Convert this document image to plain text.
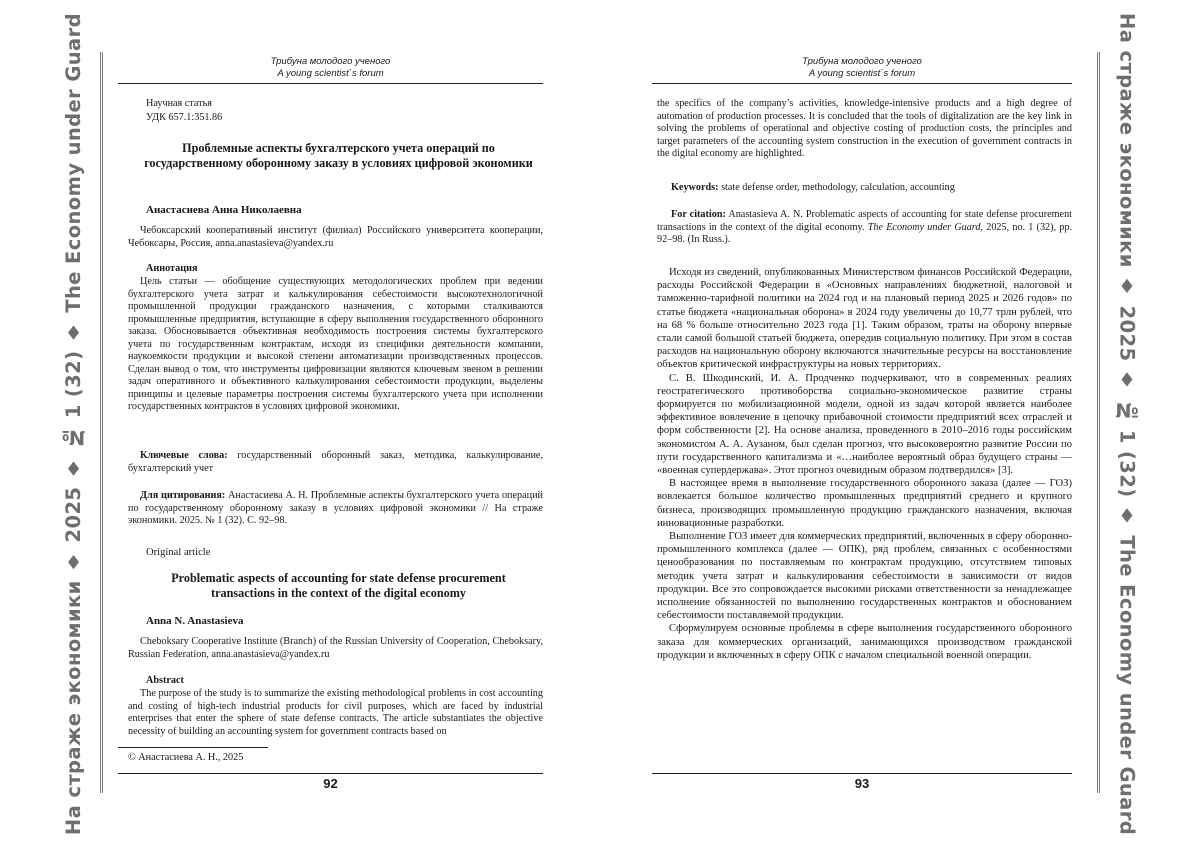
На страже экономики ♦ 2025 ♦ № 1 (32) ♦ The Economy under Guard	На страже экономики ♦ 2025 ♦ № 1 (32) ♦ The Economy under Guard
Трибуна молодого ученого
A young scientist`s forum
Научная статья
УДК 657.1:351.86
Проблемные аспекты бухгалтерского учета операций по государственному оборонному заказу в условиях цифровой экономики
Анастасиева Анна Николаевна
Чебоксарский кооперативный институт (филиал) Российского университета кооперации, Чебоксары, Россия, anna.anastasieva@yandex.ru
Аннотация
Цель статьи — обобщение существующих методологических проблем при ведении бухгалтерского учета затрат и калькулирования себестоимости высокотехнологичной промышленной продукции гражданского назначения, с которыми сталкиваются промышленные предприятия, вступающие в сферу выполнения государственного оборонного заказа. Обосновывается объективная необходимость построения системы бухгалтерского учета по государственным контрактам, исходя из специфики деятельности компании, наукоемкости продукции и высокой степени автоматизации производственных процессов. Сделан вывод о том, что инструменты цифровизации являются ключевым звеном в решении задач оперативного и объективного калькулирования себестоимости продукции, выделены принципы и целевые параметры построения системы бухгалтерского учета при исполнении государственных контрактов в условиях цифровой экономики.
Ключевые слова: государственный оборонный заказ, методика, калькулирование, бухгалтерский учет
Для цитирования: Анастасиева А. Н. Проблемные аспекты бухгалтерского учета операций по государственному оборонному заказу в условиях цифровой экономики // На страже экономики. 2025. № 1 (32). С. 92–98.
Original article
Problematic aspects of accounting for state defense procurement transactions in the context of the digital economy
Anna N. Anastasieva
Cheboksary Cooperative Institute (Branch) of the Russian University of Cooperation, Cheboksary, Russian Federation, anna.anastasieva@yandex.ru
Abstract
The purpose of the study is to summarize the existing methodological problems in cost accounting and costing of high-tech industrial products for civil purposes, which are faced by industrial enterprises that enter the sphere of state defense contracts. The article substantiates the objective necessity of building an accounting system for government contracts based on
© Анастасиева А. Н., 2025
92
Трибуна молодого ученого
A young scientist`s forum
the specifics of the company’s activities, knowledge-intensive products and a high degree of automation of production processes. It is concluded that the tools of digitalization are the key link in solving the problems of operational and objective costing of production costs, the principles and target parameters of the accounting system construction in the execution of government contracts in the digital economy are highlighted.
Keywords: state defense order, methodology, calculation, accounting
For citation: Anastasieva A. N. Problematic aspects of accounting for state defense procurement transactions in the context of the digital economy. The Economy under Guard, 2025, no. 1 (32), pp. 92–98. (In Russ.).

Исходя из сведений, опубликованных Министерством финансов Российской Федерации, расходы Российской Федерации в «Основных направлениях бюджетной, налоговой и таможенно-тарифной политики на 2024 год и на плановый период 2025 и 2026 годов» по статье бюджета «национальная оборона» в 2024 году увеличены до 10,77 трлн рублей, что на 68 % больше относительно 2023 года [1]. Таким образом, траты на оборону впервые стали самой большой статьей бюджета, опередив социальную политику. При этом в состав расходов на национальную оборону включаются значительные ресурсы на восстановление объектов критической инфраструктуры на новых территориях.

С. В. Шкодинский, И. А. Продченко подчеркивают, что в современных реалиях геостратегического противоборства социально-экономическое развитие страны формируется по мобилизационной модели, одной из задач которой является наиболее эффективное вовлечение в цепочку прибавочной стоимости предприятий всех отраслей и форм собственности [2]. На основе анализа, проведенного в 2010–2016 годы российским экономистом А. А. Аузаном, был сделан прогноз, что высоковероятно развитие России по пути государственного капитализма и «…наиболее вероятный образ будущего страны — «военная супердержава». Этот прогноз очевидным образом подтвердился» [3].

В настоящее время в выполнение государственного оборонного заказа (далее — ГОЗ) вовлекается большое количество промышленных предприятий среднего и крупного бизнеса, производящих промышленную продукцию гражданского назначения, включая инновационные разработки.

Выполнение ГОЗ имеет для коммерческих предприятий, включенных в сферу оборонно-промышленного комплекса (далее — ОПК), ряд проблем, связанных с особенностями ценообразования по поставляемым по контрактам продукцию, отсутствием типовых методик учета затрат и калькулирования себестоимости в зависимости от видов продукции. Все это сопровождается высокими рисками ответственности за ненадлежащее исполнение обязанностей по выполнению государственных контрактов и обоснованием себестоимости поставляемой продукции.

Сформулируем основные проблемы в сфере выполнения государственного оборонного заказа для коммерческих организаций, занимающихся производством гражданской продукции и включенных в сферу ОПК с началом специальной военной операции.

93
